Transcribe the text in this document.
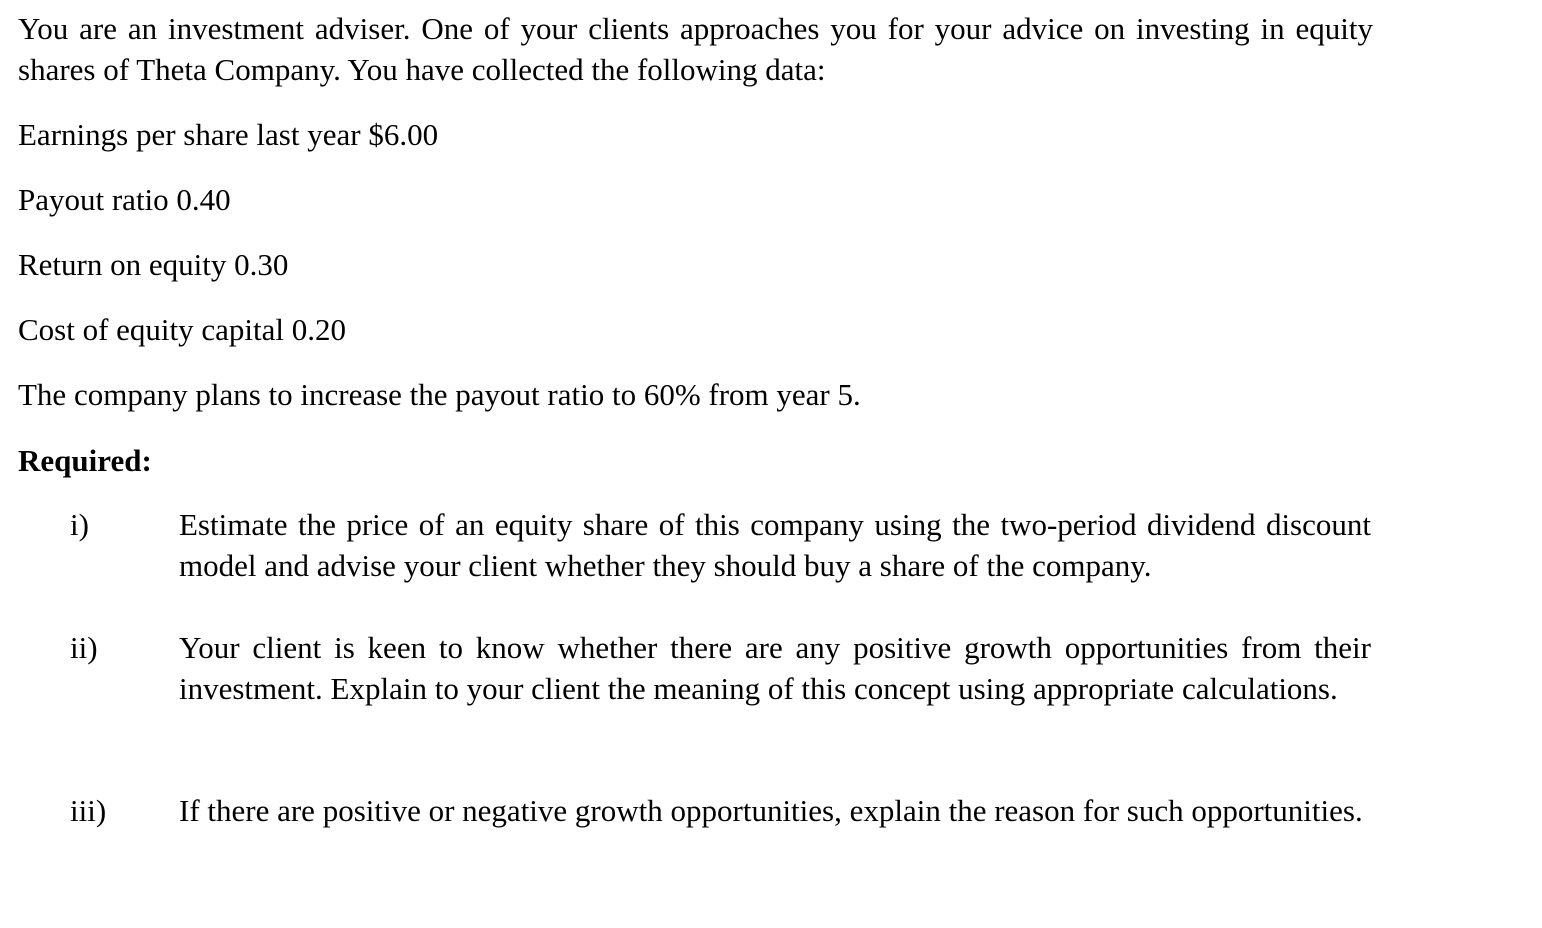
You are an investment adviser. One of your clients approaches you for your advice on investing in equity shares of Theta Company. You have collected the following data:

Earnings per share last year $6.00

Payout ratio 0.40

Return on equity 0.30

Cost of equity capital 0.20

The company plans to increase the payout ratio to 60% from year 5.

Required:

i)	Estimate the price of an equity share of this company using the two-period dividend discount model and advise your client whether they should buy a share of the company.

ii)	Your client is keen to know whether there are any positive growth opportunities from their investment. Explain to your client the meaning of this concept using appropriate calculations.

iii) If there are positive or negative growth opportunities, explain the reason for such opportunities.
